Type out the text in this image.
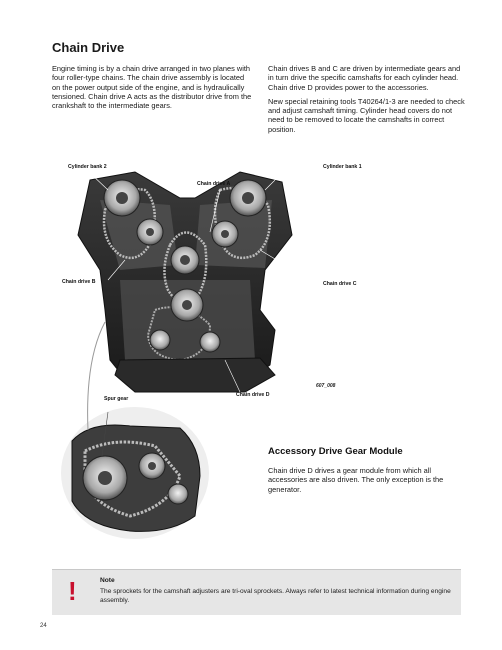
Chain Drive

Engine timing is by a chain drive arranged in two planes with four roller-type chains. The chain drive assembly is located on the power output side of the engine, and is hydraulically tensioned. Chain drive A acts as the distributor drive from the crankshaft to the intermediate gears.

Chain drives B and C are driven by intermediate gears and in turn drive the specific camshafts for each cylinder head. Chain drive D provides power to the accessories.

New special retaining tools T40264/1-3 are needed to check and adjust camshaft timing. Cylinder head covers do not need to be removed to locate the camshafts in correct position.

Cylinder bank 2	Cylinder bank 1
Chain drive A
Chain drive B	Chain drive C
Chain drive D
Spur gear
607_008
Accessory Drive Gear Module

Chain drive D drives a gear module from which all accessories are also driven. The only exception is the generator.

!	Note
The sprockets for the camshaft adjusters are tri-oval sprockets. Always refer to latest technical information during engine assembly.
24
